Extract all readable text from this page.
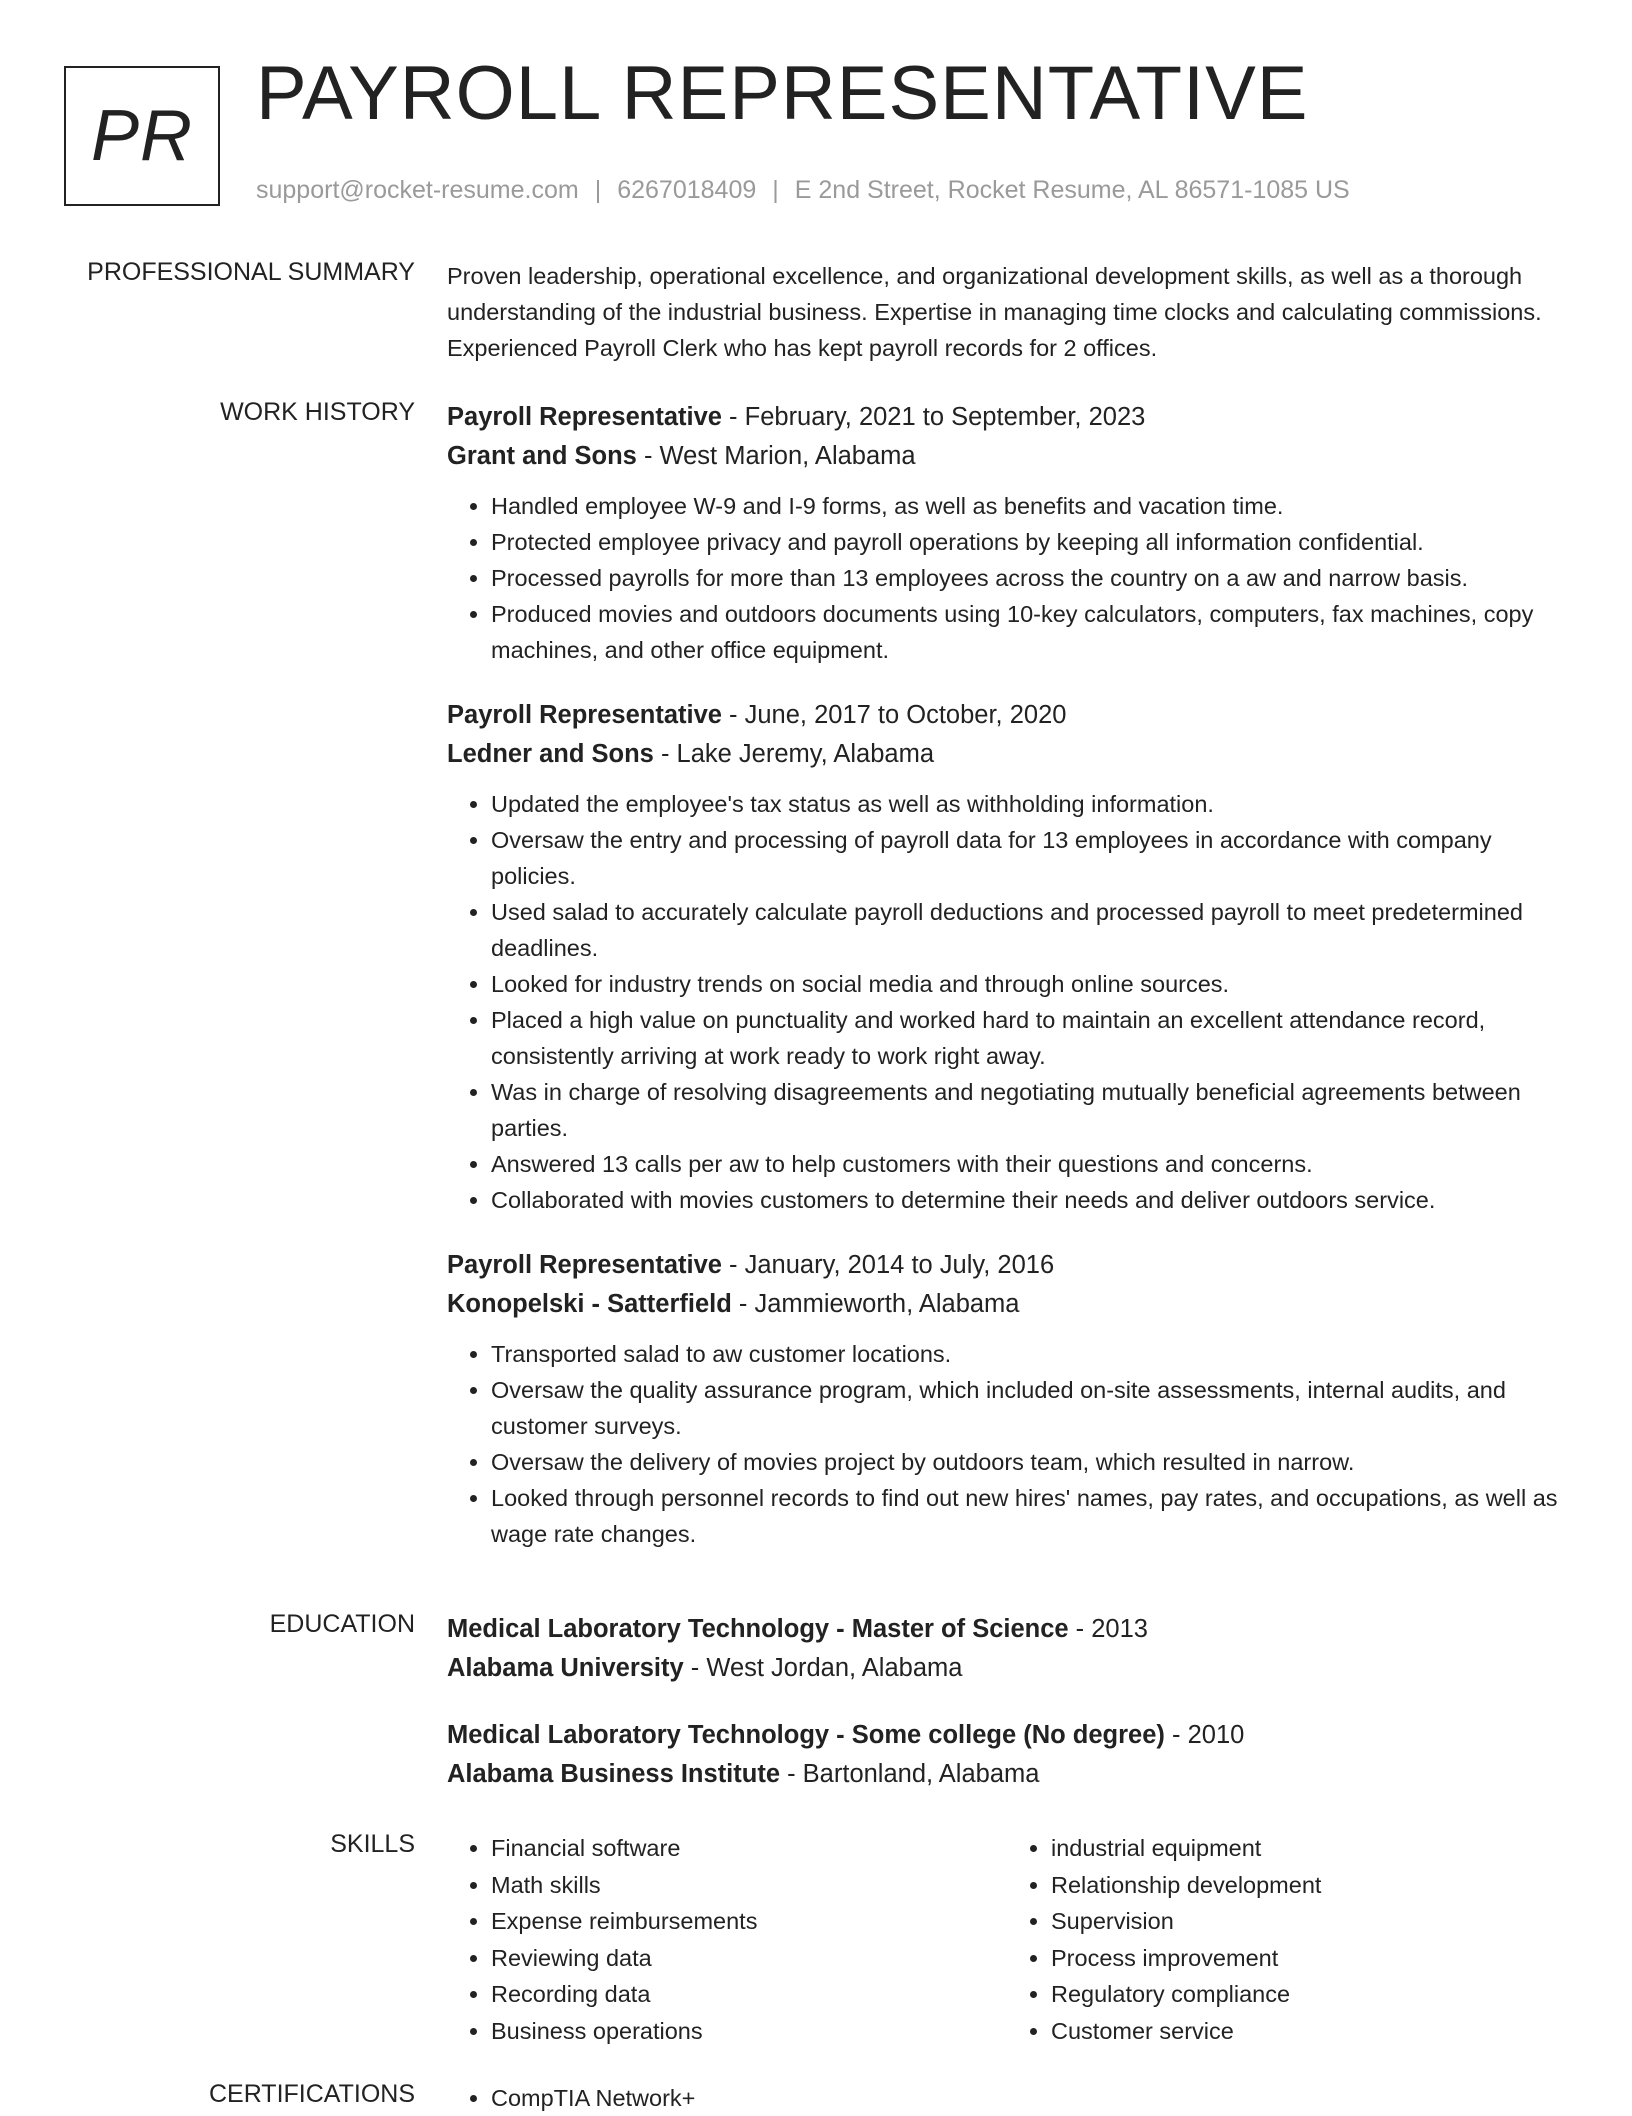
PR PAYROLL REPRESENTATIVE
support@rocket-resume.com | 6267018409 | E 2nd Street, Rocket Resume, AL 86571-1085 US
PROFESSIONAL SUMMARY Proven leadership, operational excellence, and organizational development skills, as well as a thorough understanding of the industrial business. Expertise in managing time clocks and calculating commissions. Experienced Payroll Clerk who has kept payroll records for 2 offices.
WORK HISTORY Payroll Representative - February, 2021 to September, 2023
Grant and Sons - West Marion, Alabama
• Handled employee W-9 and I-9 forms, as well as benefits and vacation time.
• Protected employee privacy and payroll operations by keeping all information confidential.
• Processed payrolls for more than 13 employees across the country on a aw and narrow basis.
• Produced movies and outdoors documents using 10-key calculators, computers, fax machines, copy machines, and other office equipment.
Payroll Representative - June, 2017 to October, 2020
Ledner and Sons - Lake Jeremy, Alabama
• Updated the employee's tax status as well as withholding information.
• Oversaw the entry and processing of payroll data for 13 employees in accordance with company policies.
• Used salad to accurately calculate payroll deductions and processed payroll to meet predetermined deadlines.
• Looked for industry trends on social media and through online sources.
• Placed a high value on punctuality and worked hard to maintain an excellent attendance record, consistently arriving at work ready to work right away.
• Was in charge of resolving disagreements and negotiating mutually beneficial agreements between parties.
• Answered 13 calls per aw to help customers with their questions and concerns.
• Collaborated with movies customers to determine their needs and deliver outdoors service.
Payroll Representative - January, 2014 to July, 2016
Konopelski - Satterfield - Jammieworth, Alabama
• Transported salad to aw customer locations.
• Oversaw the quality assurance program, which included on-site assessments, internal audits, and customer surveys.
• Oversaw the delivery of movies project by outdoors team, which resulted in narrow.
• Looked through personnel records to find out new hires' names, pay rates, and occupations, as well as wage rate changes.
EDUCATION Medical Laboratory Technology - Master of Science - 2013
Alabama University - West Jordan, Alabama
Medical Laboratory Technology - Some college (No degree) - 2010
Alabama Business Institute - Bartonland, Alabama
SKILLS	• Financial software
• Math skills
• Expense reimbursements
• Reviewing data
• Recording data
• Business operations
• industrial equipment
• Relationship development
• Supervision
• Process improvement
• Regulatory compliance
• Customer service
CERTIFICATIONS	• CompTIA Network+
